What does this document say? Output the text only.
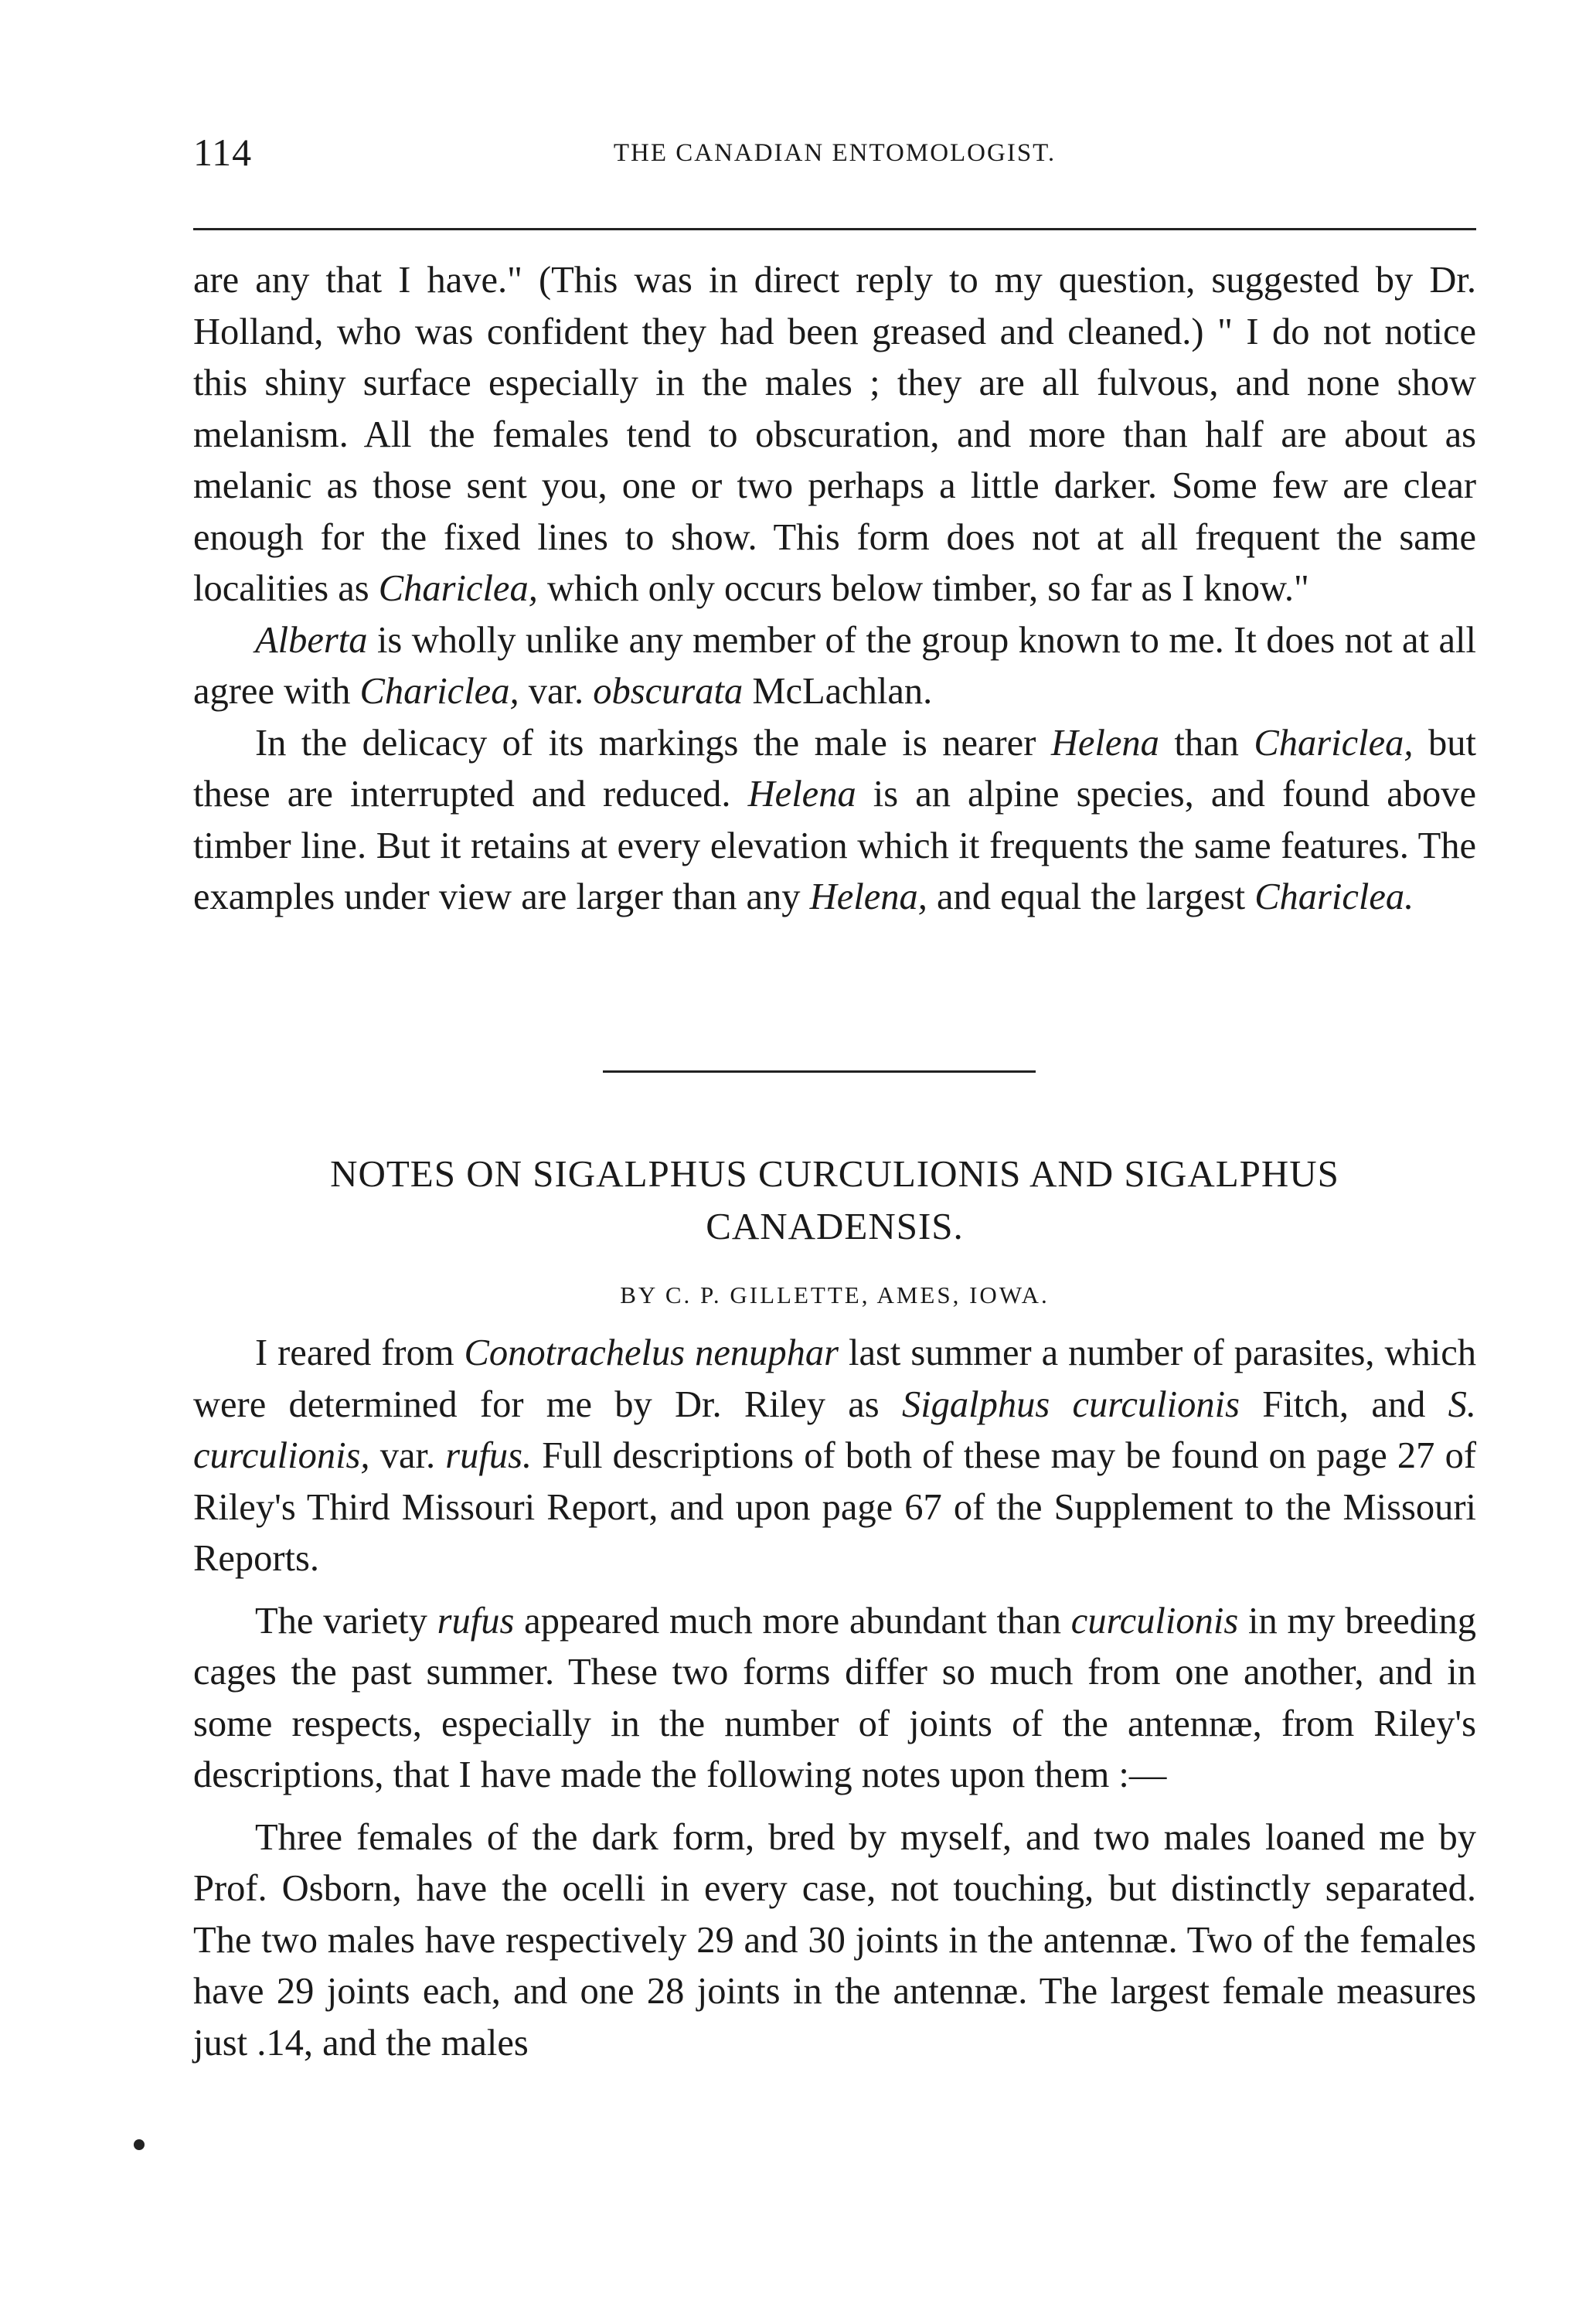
114	THE CANADIAN ENTOMOLOGIST.

are any that I have." (This was in direct reply to my question, suggested by Dr. Holland, who was confident they had been greased and cleaned.) " I do not notice this shiny surface especially in the males ; they are all fulvous, and none show melanism. All the females tend to obscuration, and more than half are about as melanic as those sent you, one or two perhaps a little darker. Some few are clear enough for the fixed lines to show. This form does not at all frequent the same localities as Chariclea, which only occurs below timber, so far as I know."

Alberta is wholly unlike any member of the group known to me. It does not at all agree with Chariclea, var. obscurata McLachlan.

In the delicacy of its markings the male is nearer Helena than Chariclea, but these are interrupted and reduced. Helena is an alpine species, and found above timber line. But it retains at every elevation which it frequents the same features. The examples under view are larger than any Helena, and equal the largest Chariclea.

NOTES ON SIGALPHUS CURCULIONIS AND SIGALPHUS
CANADENSIS.
BY C. P. GILLETTE, AMES, IOWA.

I reared from Conotrachelus nenuphar last summer a number of parasites, which were determined for me by Dr. Riley as Sigalphus curculionis Fitch, and S. curculionis, var. rufus. Full descriptions of both of these may be found on page 27 of Riley's Third Missouri Report, and upon page 67 of the Supplement to the Missouri Reports.

The variety rufus appeared much more abundant than curculionis in my breeding cages the past summer. These two forms differ so much from one another, and in some respects, especially in the number of joints of the antennæ, from Riley's descriptions, that I have made the following notes upon them :—

Three females of the dark form, bred by myself, and two males loaned me by Prof. Osborn, have the ocelli in every case, not touching, but distinctly separated. The two males have respectively 29 and 30 joints in the antennæ. Two of the females have 29 joints each, and one 28 joints in the antennæ. The largest female measures just .14, and the males
